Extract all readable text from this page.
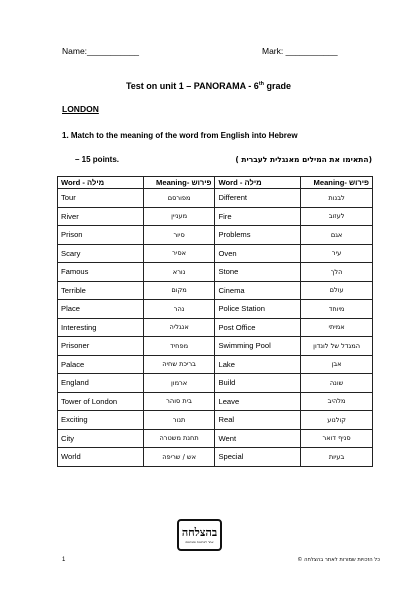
Name:___________	Mark: ___________
Test on unit 1 – PANORAMA - 6th grade
LONDON
1. Match to the meaning of the word from English into Hebrew
– 15 points.	(התאימו את המילים מאנגלית לעברית )
Word - מילה	Meaning- פירוש	Word - מילה	Meaning- פירוש
Tour	מפורסם	Different	לבנות
River	מעניין	Fire	לעזוב
Prison	סיור	Problems	אגם
Scary	אסיר	Oven	עיר
Famous	נורא	Stone	הלך
Terrible	מקום	Cinema	עולם
Place	נהר	Police Station	מיוחד
Interesting	אנגליה	Post Office	אמיתי
Prisoner	מפחיד	Swimming Pool	המגדל של לונדון
Palace	בריכת שחיה	Lake	אבן
England	ארמון	Build	שונה
Tower of London	בית סוהר	Leave	מלהיב
Exciting	תנור	Real	קולנוע
City	תחנת משטרה	Went	סניף דואר
World	אש / שריפה	Special	בעיות
בהצלחה
אתר לבחינות ומבחנים
1	כל הזכויות שמורות לאתר בהצלחה ©
